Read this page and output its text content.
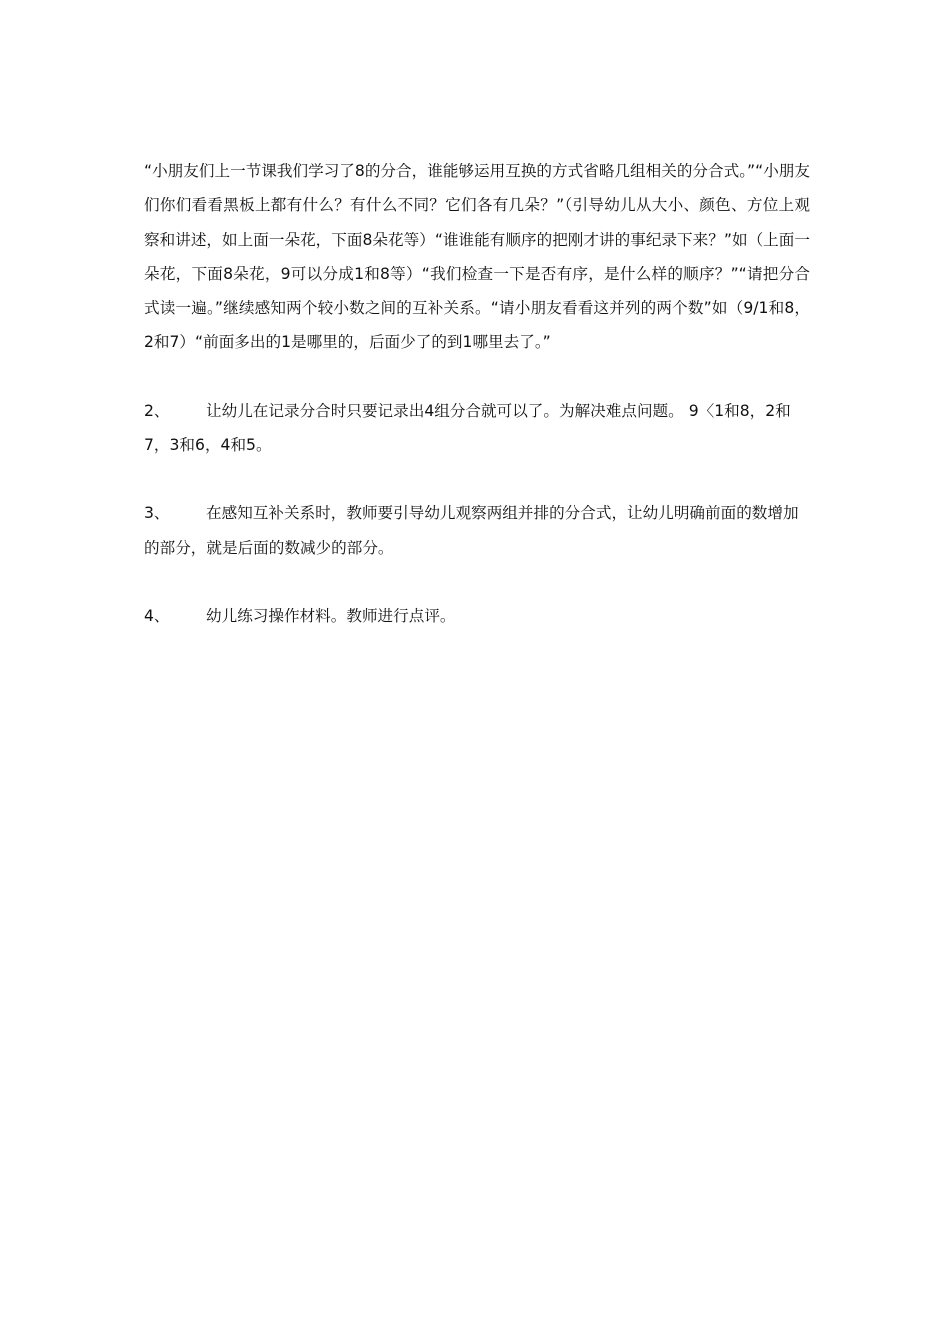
“小朋友们上一节课我们学习了8的分合，谁能够运用互换的方式省略几组相关的分合式。”“小朋友们你们看看黑板上都有什么？有什么不同？它们各有几朵？”（引导幼儿从大小、颜色、方位上观察和讲述，如上面一朵花，下面8朵花等）“谁谁能有顺序的把刚才讲的事纪录下来？”如（上面一朵花，下面8朵花，9可以分成1和8等）“我们检查一下是否有序，是什么样的顺序？”“请把分合式读一遍。”继续感知两个较小数之间的互补关系。“请小朋友看看这并列的两个数”如（9/1和8，2和7）“前面多出的1是哪里的，后面少了的到1哪里去了。”

2、 让幼儿在记录分合时只要记录出4组分合就可以了。为解决难点问题。 9〈1和8，2和7，3和6，4和5。

3、 在感知互补关系时，教师要引导幼儿观察两组并排的分合式，让幼儿明确前面的数增加的部分，就是后面的数减少的部分。

4、 幼儿练习操作材料。教师进行点评。
